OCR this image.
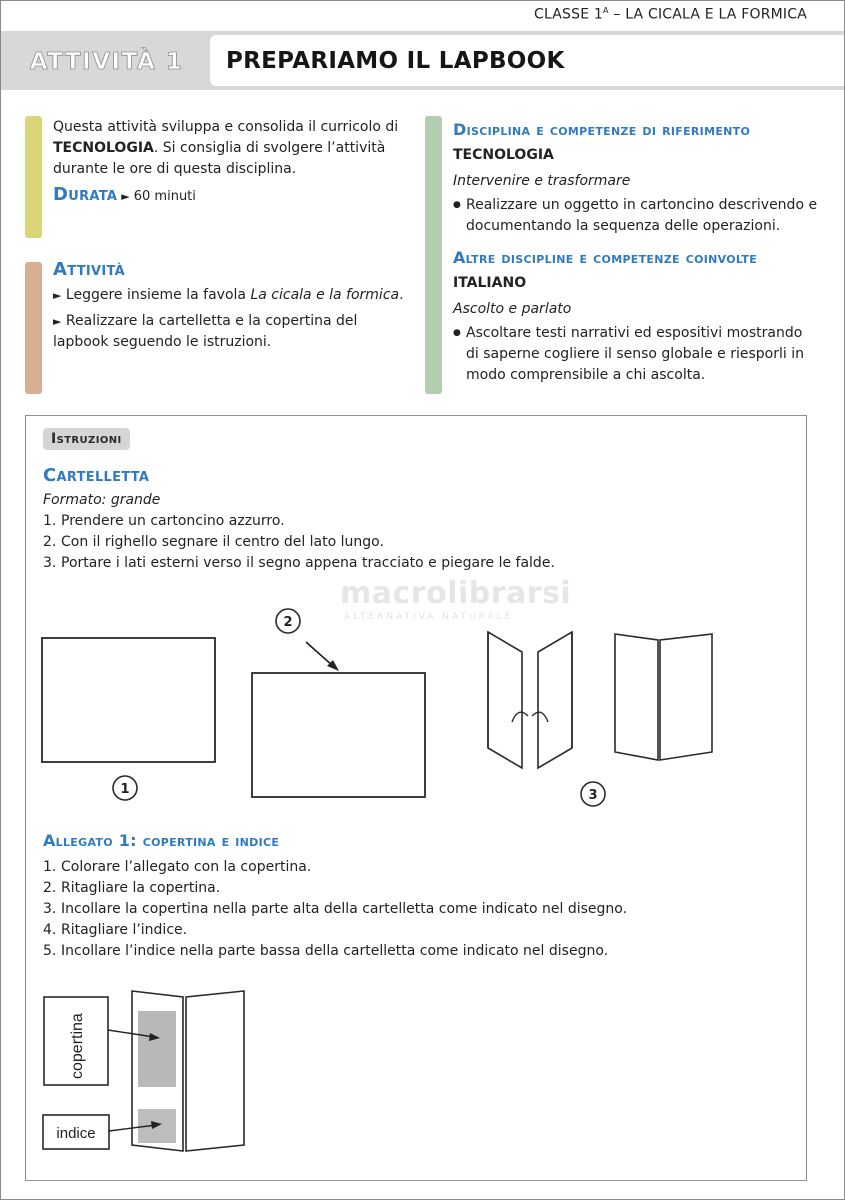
CLASSE $1^A$ – LA CICALA E LA FORMICA
ATTIVITÀ 1	PREPARIAMO IL LAPBOOK
Questa attività sviluppa e consolida il curricolo di TECNOLOGIA. Si consiglia di svolgere l’attività durante le ore di questa disciplina.
Durata ► 60 minuti
Attività
► Leggere insieme la favola La cicala e la formica.
► Realizzare la cartelletta e la copertina del lapbook seguendo le istruzioni.
Disciplina e competenze di riferimento
TECNOLOGIA
Intervenire e trasformare
● Realizzare un oggetto in cartoncino descrivendo e documentando la sequenza delle operazioni.
Altre discipline e competenze coinvolte
ITALIANO
Ascolto e parlato
● Ascoltare testi narrativi ed espositivi mostrando di saperne cogliere il senso globale e riesporli in modo comprensibile a chi ascolta.
Istruzioni
Cartelletta
Formato: grande
1. Prendere un cartoncino azzurro.
2. Con il righello segnare il centro del lato lungo.
3. Portare i lati esterni verso il segno appena tracciato e piegare le falde.
macrolibrarsi
ALTERNATIVA NATURALE
1
2
3
Allegato 1: copertina e indice
1. Colorare l’allegato con la copertina.
2. Ritagliare la copertina.
3. Incollare la copertina nella parte alta della cartelletta come indicato nel disegno.
4. Ritagliare l’indice.
5. Incollare l’indice nella parte bassa della cartelletta come indicato nel disegno.
copertina
indice
